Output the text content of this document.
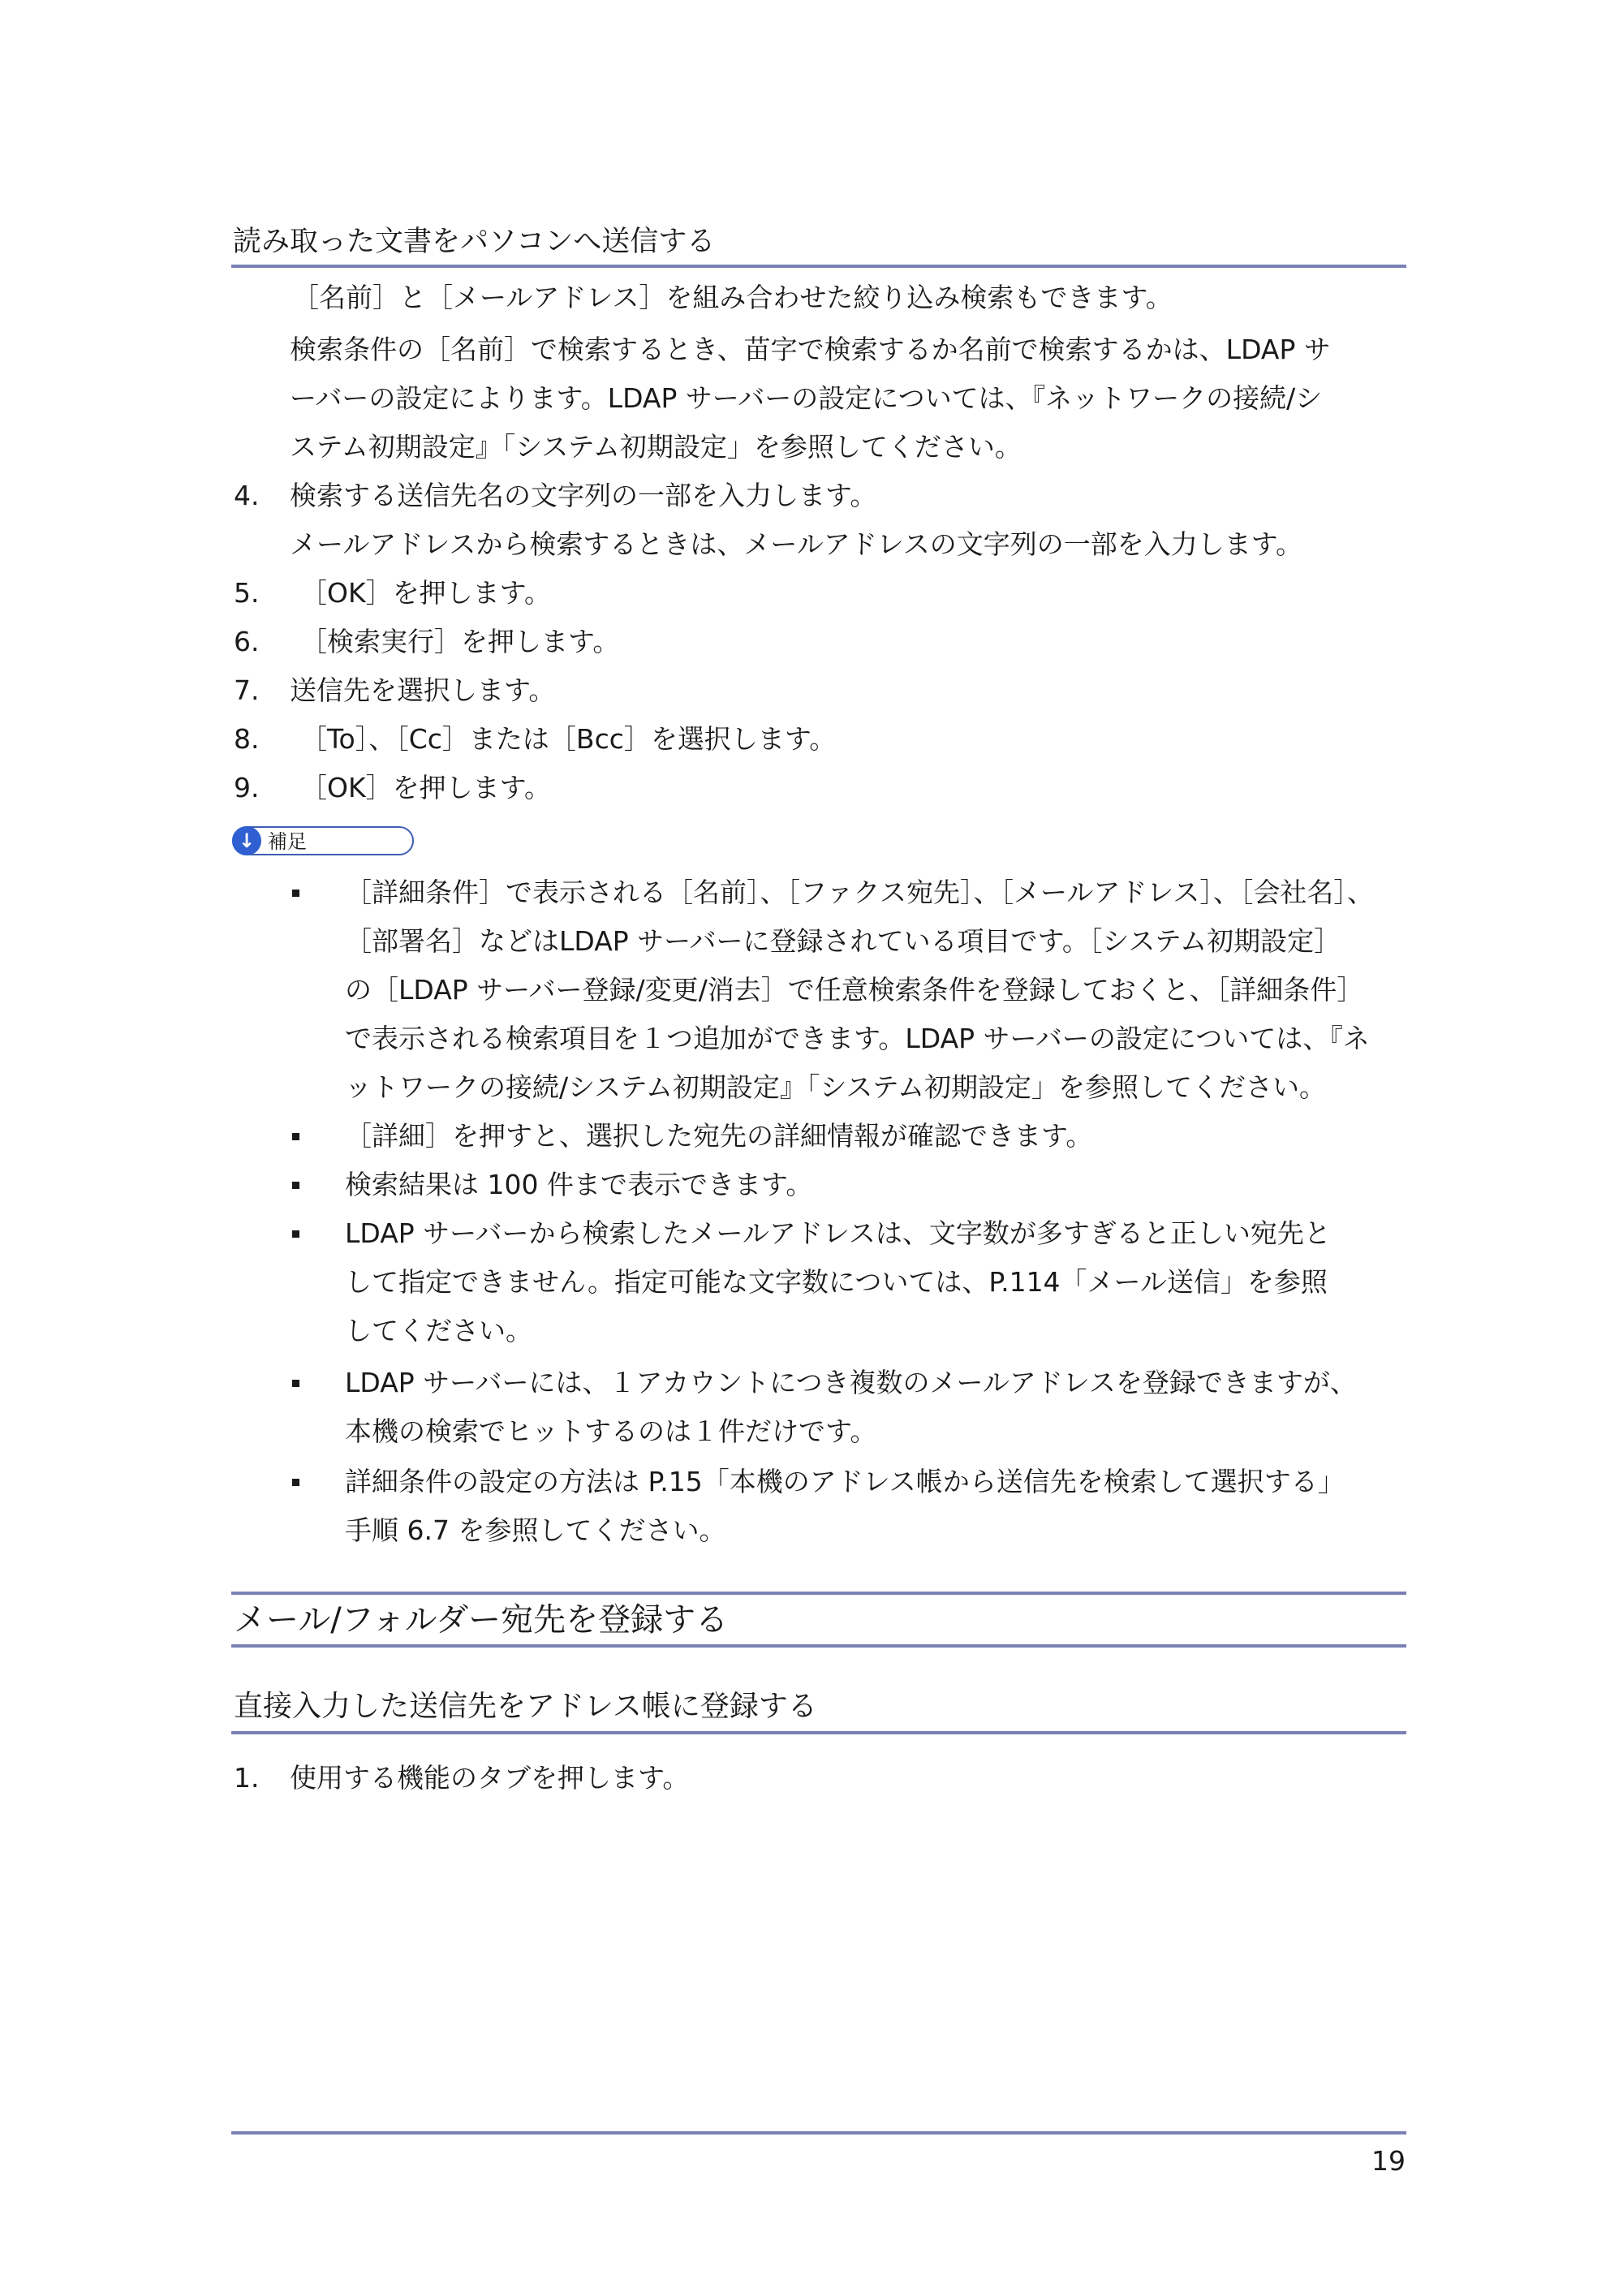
読み取った文書をパソコンへ送信する
［名前］と［メールアドレス］を組み合わせた絞り込み検索もできます。
検索条件の［名前］で検索するとき、苗字で検索するか名前で検索するかは、LDAP サ
ーバーの設定によります。LDAP サーバーの設定については、『ネットワークの接続/シ
ステム初期設定』「システム初期設定」を参照してください。
4. 検索する送信先名の文字列の一部を入力します。
メールアドレスから検索するときは、メールアドレスの文字列の一部を入力します。
5. ［OK］を押します。
6. ［検索実行］を押します。
7. 送信先を選択します。
8. ［To］、［Cc］または［Bcc］を選択します。
9. ［OK］を押します。
↓ 補足
［詳細条件］で表示される［名前］、［ファクス宛先］、［メールアドレス］、［会社名］、
［部署名］などはLDAP サーバーに登録されている項目です。［システム初期設定］
の［LDAP サーバー登録/変更/消去］で任意検索条件を登録しておくと、［詳細条件］
で表示される検索項目を１つ追加ができます。LDAP サーバーの設定については、『ネ
ットワークの接続/システム初期設定』「システム初期設定」を参照してください。
［詳細］を押すと、選択した宛先の詳細情報が確認できます。
検索結果は 100 件まで表示できます。
LDAP サーバーから検索したメールアドレスは、文字数が多すぎると正しい宛先と
して指定できません。指定可能な文字数については、P.114「メール送信」を参照
してください。
LDAP サーバーには、１アカウントにつき複数のメールアドレスを登録できますが、
本機の検索でヒットするのは１件だけです。
詳細条件の設定の方法は P.15「本機のアドレス帳から送信先を検索して選択する」
手順 6.7 を参照してください。
メール/フォルダー宛先を登録する
直接入力した送信先をアドレス帳に登録する
1. 使用する機能のタブを押します。
19
